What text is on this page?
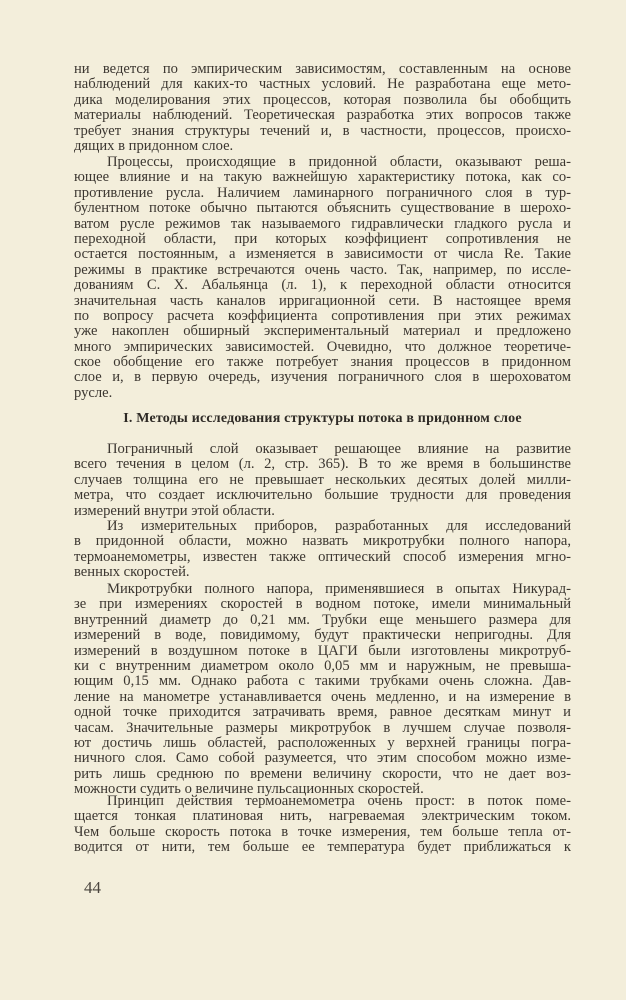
I. Методы исследования структуры потока в придонном слое
44
ни ведется по эмпирическим зависимостям, составленным на основе
наблюдений для каких-то частных условий. Не разработана еще мето-
дика моделирования этих процессов, которая позволила бы обобщить
материалы наблюдений. Теоретическая разработка этих вопросов также
требует знания структуры течений и, в частности, процессов, происхо-
дящих в придонном слое.
Процессы, происходящие в придонной области, оказывают реша-
ющее влияние и на такую важнейшую характеристику потока, как со-
противление русла. Наличием ламинарного пограничного слоя в тур-
булентном потоке обычно пытаются объяснить существование в шерохо-
ватом русле режимов так называемого гидравлически гладкого русла и
переходной области, при которых коэффициент сопротивления не
остается постоянным, а изменяется в зависимости от числа Re. Такие
режимы в практике встречаются очень часто. Так, например, по иссле-
дованиям С. Х. Абальянца (л. 1), к переходной области относится
значительная часть каналов ирригационной сети. В настоящее время
по вопросу расчета коэффициента сопротивления при этих режимах
уже накоплен обширный экспериментальный материал и предложено
много эмпирических зависимостей. Очевидно, что должное теоретиче-
ское обобщение его также потребует знания процессов в придонном
слое и, в первую очередь, изучения пограничного слоя в шероховатом
русле.
Пограничный слой оказывает решающее влияние на развитие
всего течения в целом (л. 2, стр. 365). В то же время в большинстве
случаев толщина его не превышает нескольких десятых долей милли-
метра, что создает исключительно большие трудности для проведения
измерений внутри этой области.
Из измерительных приборов, разработанных для исследований
в придонной области, можно назвать микротрубки полного напора,
термоанемометры, известен также оптический способ измерения мгно-
венных скоростей.
Микротрубки полного напора, применявшиеся в опытах Никурад-
зе при измерениях скоростей в водном потоке, имели минимальный
внутренний диаметр до 0,21 мм. Трубки еще меньшего размера для
измерений в воде, повидимому, будут практически непригодны. Для
измерений в воздушном потоке в ЦАГИ были изготовлены микротруб-
ки с внутренним диаметром около 0,05 мм и наружным, не превыша-
ющим 0,15 мм. Однако работа с такими трубками очень сложна. Дав-
ление на манометре устанавливается очень медленно, и на измерение в
одной точке приходится затрачивать время, равное десяткам минут и
часам. Значительные размеры микротрубок в лучшем случае позволя-
ют достичь лишь областей, расположенных у верхней границы погра-
ничного слоя. Само собой разумеется, что этим способом можно изме-
рить лишь среднюю по времени величину скорости, что не дает воз-
можности судить о величине пульсационных скоростей.
Принцип действия термоанемометра очень прост: в поток поме-
щается тонкая платиновая нить, нагреваемая электрическим током.
Чем больше скорость потока в точке измерения, тем больше тепла от-
водится от нити, тем больше ее температура будет приближаться к
